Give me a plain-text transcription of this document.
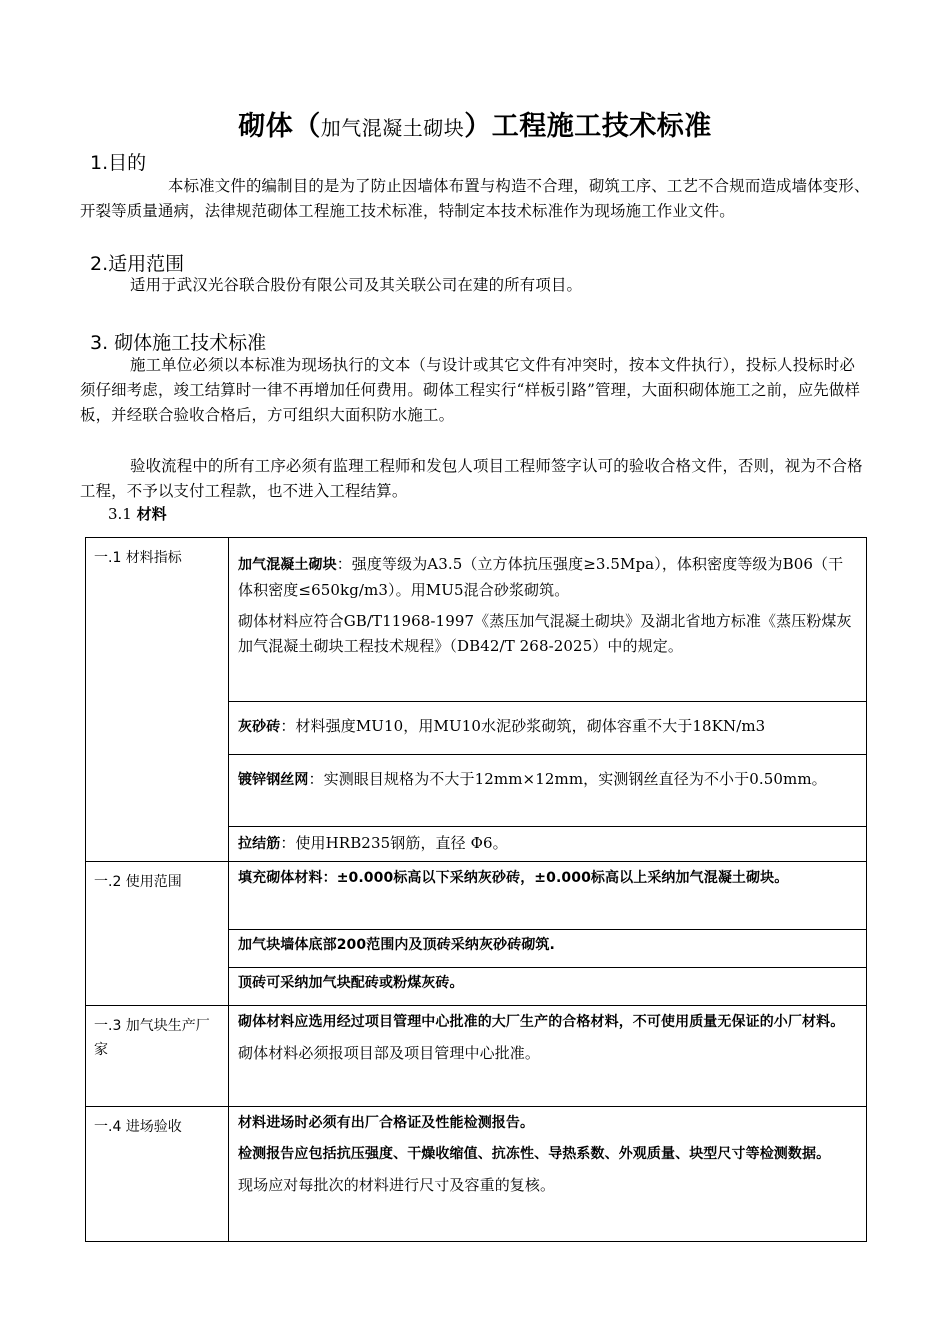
砌体（加气混凝土砌块）工程施工技术标准
1.目的
本标准文件的编制目的是为了防止因墙体布置与构造不合理，砌筑工序、工艺不合规而造成墙体变形、开裂等质量通病，法律规范砌体工程施工技术标准，特制定本技术标准作为现场施工作业文件。
2.适用范围
适用于武汉光谷联合股份有限公司及其关联公司在建的所有项目。
3. 砌体施工技术标准
施工单位必须以本标准为现场执行的文本（与设计或其它文件有冲突时，按本文件执行），投标人投标时必须仔细考虑，竣工结算时一律不再增加任何费用。砌体工程实行“样板引路”管理，大面积砌体施工之前，应先做样板，并经联合验收合格后，方可组织大面积防水施工。
验收流程中的所有工序必须有监理工程师和发包人项目工程师签字认可的验收合格文件，否则，视为不合格工程，不予以支付工程款，也不进入工程结算。
3.1 材料
一.1 材料指标	加气混凝土砌块：强度等级为A3.5（立方体抗压强度≥3.5Mpa），体积密度等级为B06（干体积密度≤650kg/m3）。用MU5混合砂浆砌筑。

砌体材料应符合GB/T11968-1997《蒸压加气混凝土砌块》及湖北省地方标准《蒸压粉煤灰加气混凝土砌块工程技术规程》（DB42/T 268-2025）中的规定。

	灰砂砖：材料强度MU10，用MU10水泥砂浆砌筑，砌体容重不大于18KN/m3

	镀锌钢丝网：实测眼目规格为不大于12mm×12mm，实测钢丝直径为不小于0.50mm。

	拉结筋：使用HRB235钢筋，直径 Φ6。

一.2 使用范围	填充砌体材料：±0.000标高以下采纳灰砂砖，±0.000标高以上采纳加气混凝土砌块。

	加气块墙体底部200范围内及顶砖采纳灰砂砖砌筑.

	顶砖可采纳加气块配砖或粉煤灰砖。

一.3 加气块生产厂家	砌体材料应选用经过项目管理中心批准的大厂生产的合格材料，不可使用质量无保证的小厂材料。

砌体材料必须报项目部及项目管理中心批准。

一.4 进场验收	材料进场时必须有出厂合格证及性能检测报告。

检测报告应包括抗压强度、干燥收缩值、抗冻性、导热系数、外观质量、块型尺寸等检测数据。

现场应对每批次的材料进行尺寸及容重的复核。
